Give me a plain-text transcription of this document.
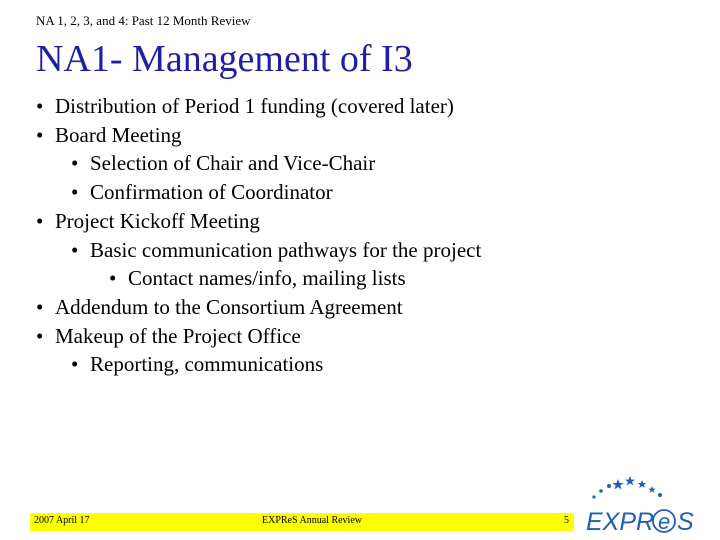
NA 1, 2, 3, and 4: Past 12 Month Review
NA1- Management of I3
• Distribution of Period 1 funding (covered later)
• Board Meeting
• Selection of Chair and Vice-Chair
• Confirmation of Coordinator
• Project Kickoff Meeting
• Basic communication pathways for the project
• Contact names/info, mailing lists
• Addendum to the Consortium Agreement
• Makeup of the Project Office
• Reporting, communications
2007 April 17	EXPReS Annual Review	5 EXPR e S
